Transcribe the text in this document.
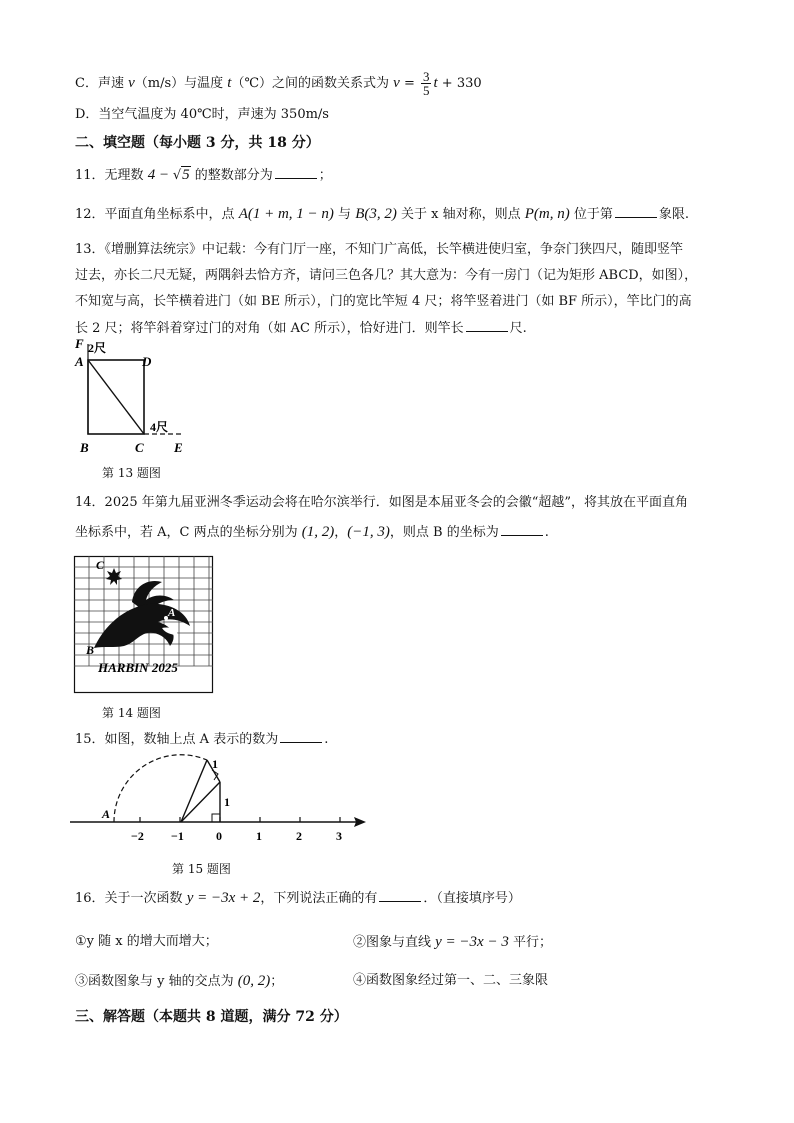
C．声速 v（m/s）与温度 t（℃）之间的函数关系式为 $v = \frac{3}{5}$ t + 330
D．当空气温度为 40℃时，声速为 350m/s
二、填空题（每小题 3 分，共 18 分）
11．无理数 4 − √5 的整数部分为	；
12．平面直角坐标系中，点 A(1 + m, 1 − n) 与 B(3, 2) 关于 x 轴对称，则点 P(m, n) 位于第	象限.
13．《增删算法统宗》中记载：今有门厅一座，不知门广高低，长竿横进使归室，争奈门狭四尺，随即竖竿
过去，亦长二尺无疑，两隅斜去恰方齐，请问三色各几？其大意为：今有一房门（记为矩形 ABCD，如图），
不知宽与高，长竿横着进门（如 BE 所示），门的宽比竿短 4 尺；将竿竖着进门（如 BF 所示），竿比门的高
长 2 尺；将竿斜着穿过门的对角（如 AC 所示），恰好进门．则竿长	尺.
F 2尺
A	D
4尺
B	C E
第 13 题图
14．2025 年第九届亚洲冬季运动会将在哈尔滨举行．如图是本届亚冬会的会徽“超越”，将其放在平面直角
坐标系中，若 A，C 两点的坐标分别为 (1, 2)，(−1, 3)，则点 B 的坐标为	.
C
A
B
HARBIN 2025
第 14 题图
15．如图，数轴上点 A 表示的数为	.
1
1
A
−2 −1	0	1	2	3
第 15 题图
16．关于一次函数 y = −3x + 2，下列说法正确的有	．（直接填序号）
①y 随 x 的增大而增大；	②图象与直线 y = −3x − 3 平行；
③函数图象与 y 轴的交点为 (0, 2)；	④函数图象经过第一、二、三象限
三、解答题（本题共 8 道题，满分 72 分）
